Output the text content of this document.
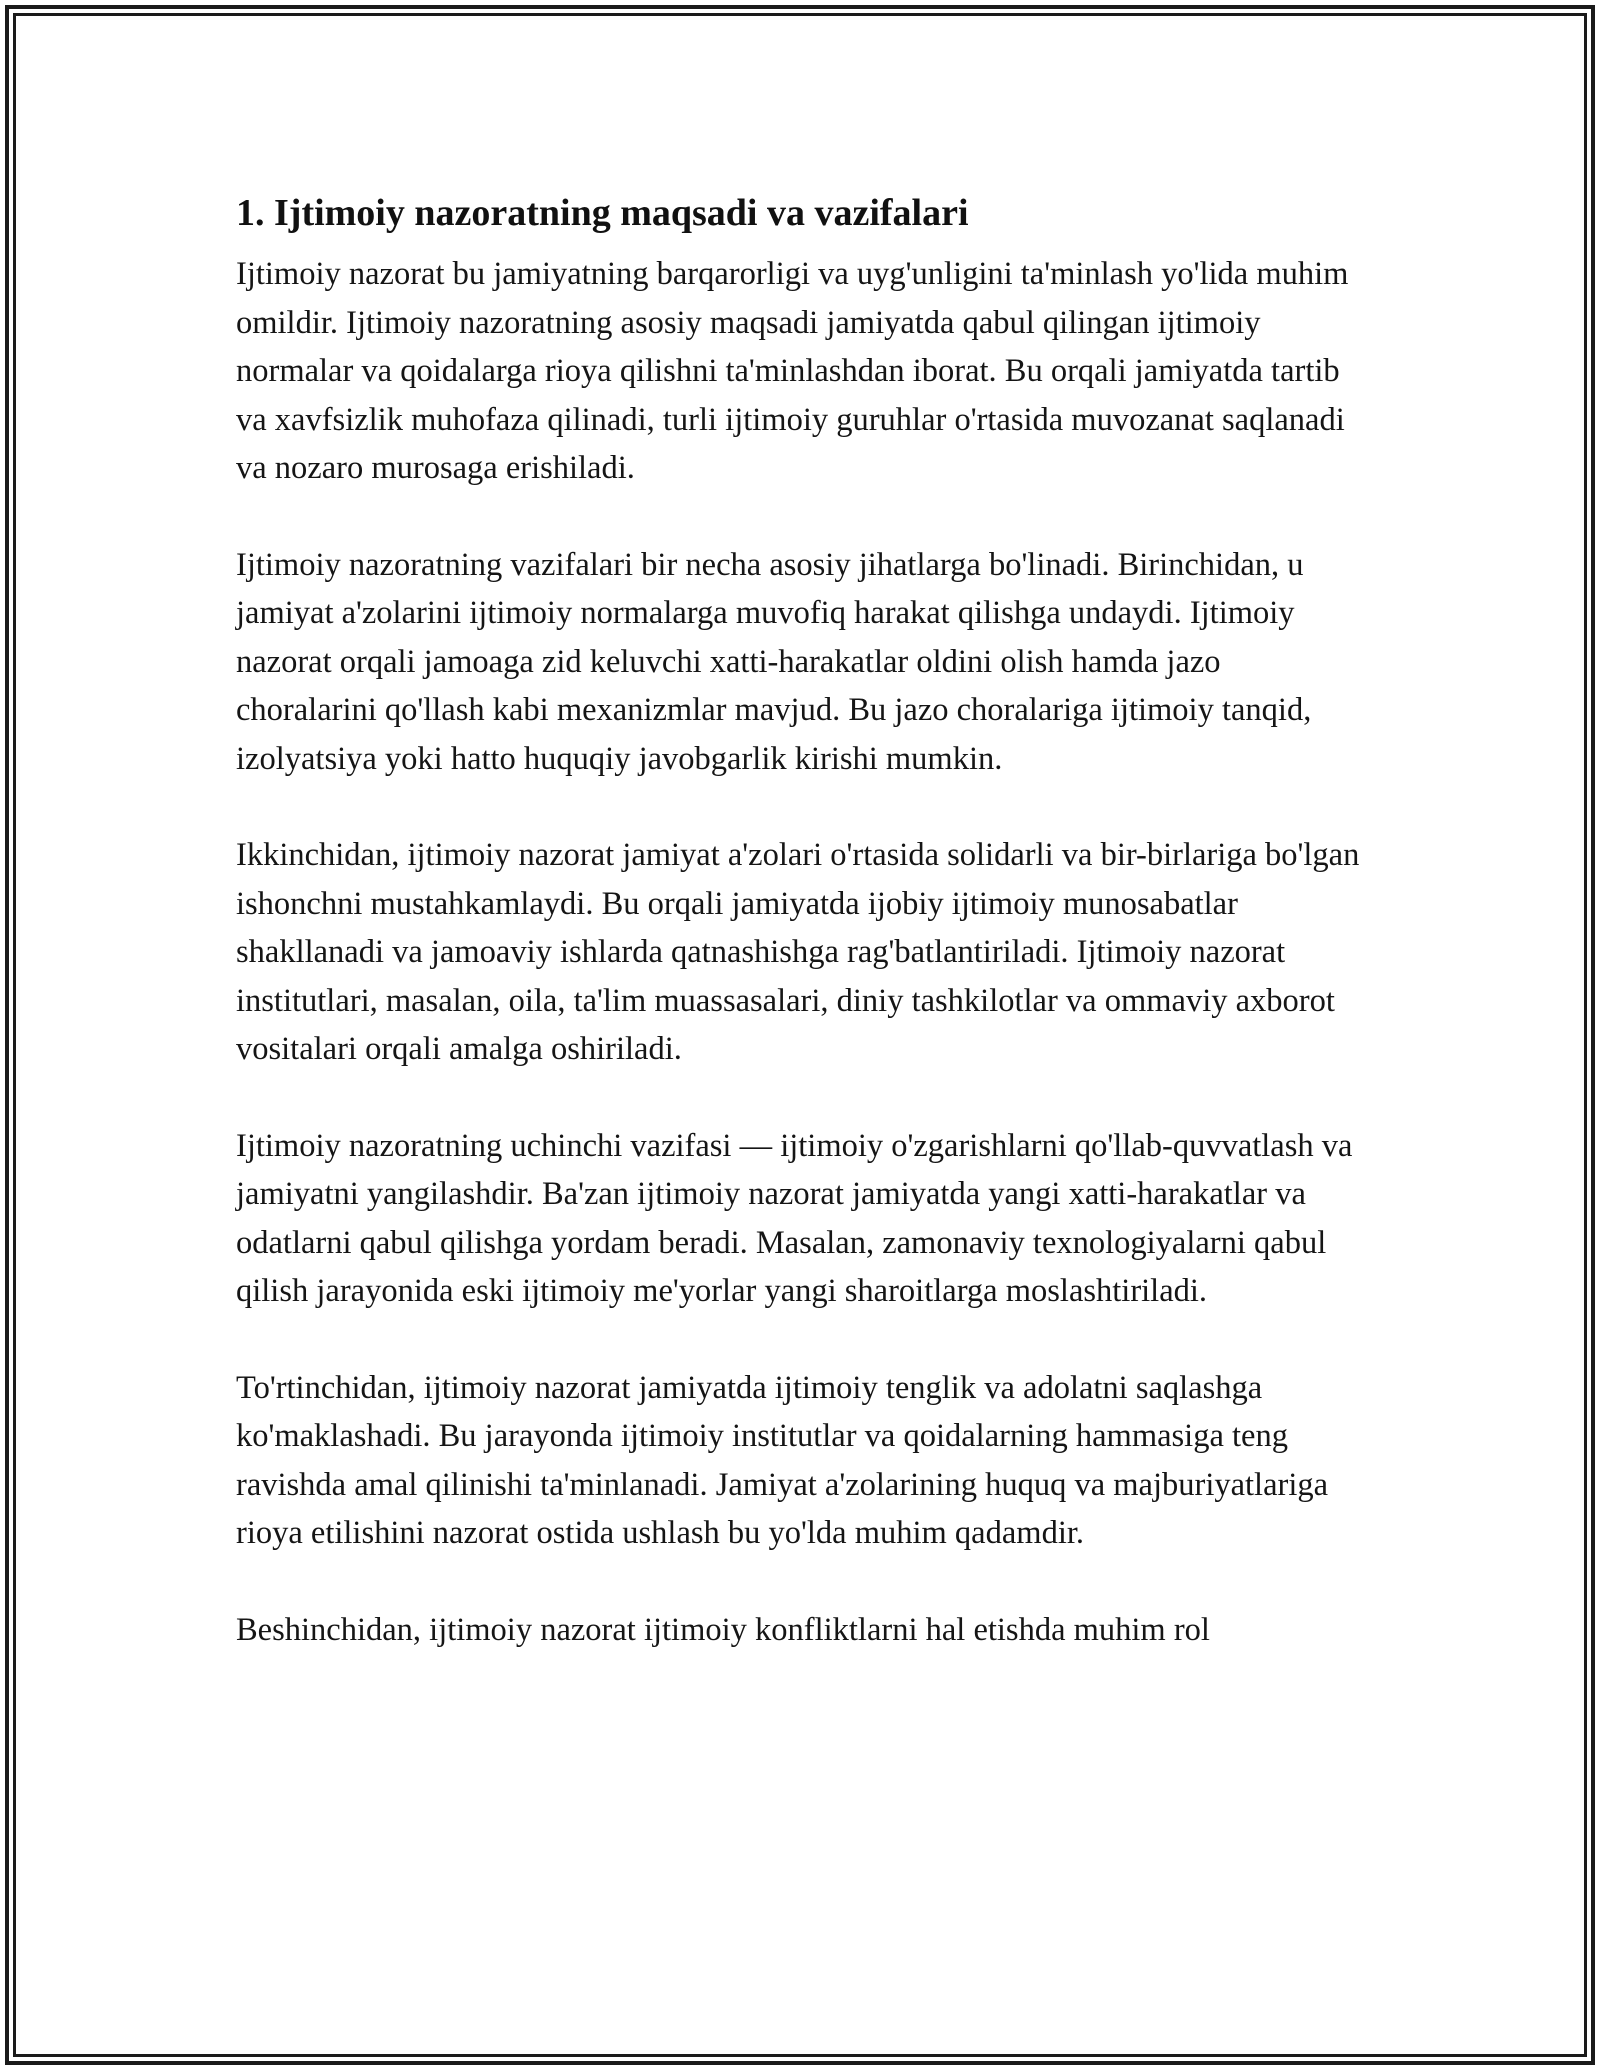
1. Ijtimoiy nazoratning maqsadi va vazifalari

Ijtimoiy nazorat bu jamiyatning barqarorligi va uyg'unligini ta'minlash yo'lida muhim omildir. Ijtimoiy nazoratning asosiy maqsadi jamiyatda qabul qilingan ijtimoiy normalar va qoidalarga rioya qilishni ta'minlashdan iborat. Bu orqali jamiyatda tartib va xavfsizlik muhofaza qilinadi, turli ijtimoiy guruhlar o'rtasida muvozanat saqlanadi va nozaro murosaga erishiladi.

Ijtimoiy nazoratning vazifalari bir necha asosiy jihatlarga bo'linadi. Birinchidan, u jamiyat a'zolarini ijtimoiy normalarga muvofiq harakat qilishga undaydi. Ijtimoiy nazorat orqali jamoaga zid keluvchi xatti-harakatlar oldini olish hamda jazo choralarini qo'llash kabi mexanizmlar mavjud. Bu jazo choralariga ijtimoiy tanqid, izolyatsiya yoki hatto huquqiy javobgarlik kirishi mumkin.

Ikkinchidan, ijtimoiy nazorat jamiyat a'zolari o'rtasida solidarli va bir-birlariga bo'lgan ishonchni mustahkamlaydi. Bu orqali jamiyatda ijobiy ijtimoiy munosabatlar shakllanadi va jamoaviy ishlarda qatnashishga rag'batlantiriladi. Ijtimoiy nazorat institutlari, masalan, oila, ta'lim muassasalari, diniy tashkilotlar va ommaviy axborot vositalari orqali amalga oshiriladi.

Ijtimoiy nazoratning uchinchi vazifasi — ijtimoiy o'zgarishlarni qo'llab-quvvatlash va jamiyatni yangilashdir. Ba'zan ijtimoiy nazorat jamiyatda yangi xatti-harakatlar va odatlarni qabul qilishga yordam beradi. Masalan, zamonaviy texnologiyalarni qabul qilish jarayonida eski ijtimoiy me'yorlar yangi sharoitlarga moslashtiriladi.

To'rtinchidan, ijtimoiy nazorat jamiyatda ijtimoiy tenglik va adolatni saqlashga ko'maklashadi. Bu jarayonda ijtimoiy institutlar va qoidalarning hammasiga teng ravishda amal qilinishi ta'minlanadi. Jamiyat a'zolarining huquq va majburiyatlariga rioya etilishini nazorat ostida ushlash bu yo'lda muhim qadamdir.

Beshinchidan, ijtimoiy nazorat ijtimoiy konfliktlarni hal etishda muhim rol
